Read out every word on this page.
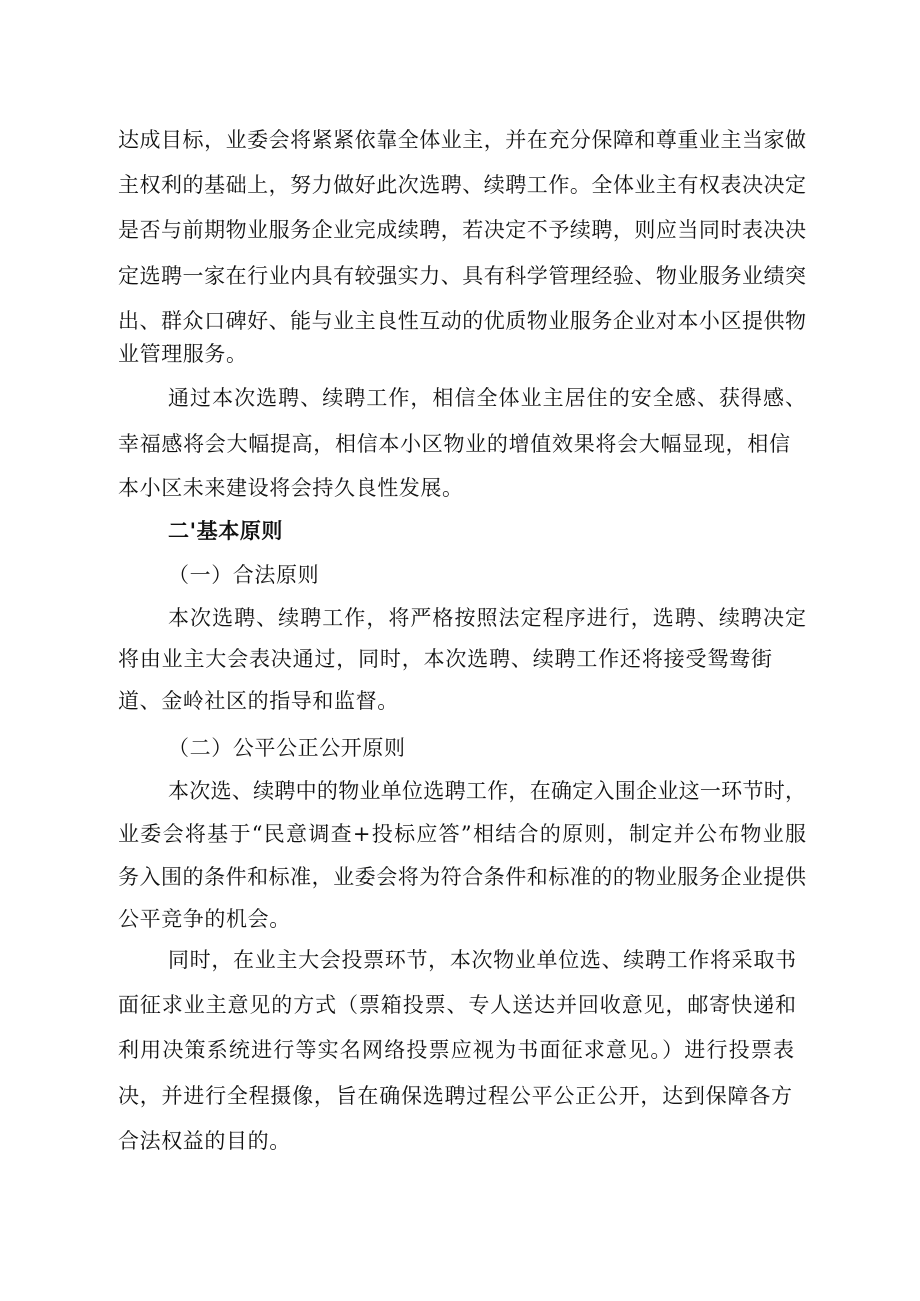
达成目标，业委会将紧紧依靠全体业主，并在充分保障和尊重业主当家做
主权利的基础上，努力做好此次选聘、续聘工作。全体业主有权表决决定
是否与前期物业服务企业完成续聘，若决定不予续聘，则应当同时表决决
定选聘一家在行业内具有较强实力、具有科学管理经验、物业服务业绩突
出、群众口碑好、能与业主良性互动的优质物业服务企业对本小区提供物
业管理服务。
通过本次选聘、续聘工作，相信全体业主居住的安全感、获得感、
幸福感将会大幅提高，相信本小区物业的增值效果将会大幅显现，相信
本小区未来建设将会持久良性发展。
二'基本原则
（一）合法原则
本次选聘、续聘工作，将严格按照法定程序进行，选聘、续聘决定
将由业主大会表决通过，同时，本次选聘、续聘工作还将接受鸳鸯街
道、金岭社区的指导和监督。
（二）公平公正公开原则
本次选、续聘中的物业单位选聘工作，在确定入围企业这一环节时，
业委会将基于“民意调查+投标应答”相结合的原则，制定并公布物业服
务入围的条件和标准，业委会将为符合条件和标准的的物业服务企业提供
公平竞争的机会。
同时，在业主大会投票环节，本次物业单位选、续聘工作将采取书
面征求业主意见的方式（票箱投票、专人送达并回收意见，邮寄快递和
利用决策系统进行等实名网络投票应视为书面征求意见。）进行投票表
决，并进行全程摄像，旨在确保选聘过程公平公正公开，达到保障各方
合法权益的目的。
